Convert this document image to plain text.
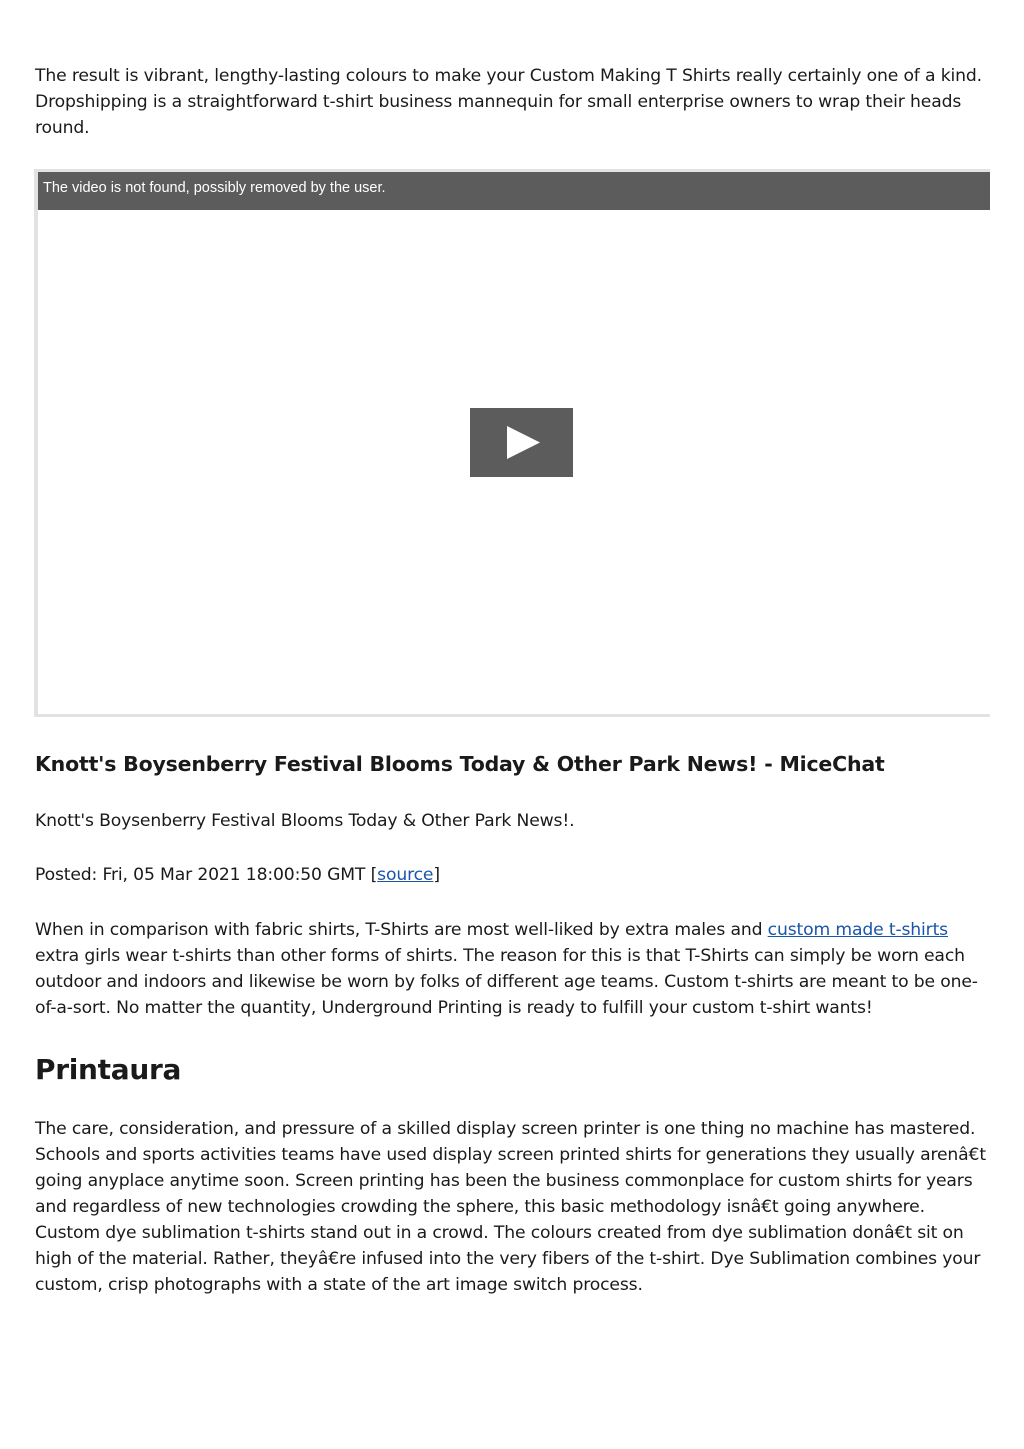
The result is vibrant, lengthy-lasting colours to make your Custom Making T Shirts really certainly one of a kind. Dropshipping is a straightforward t-shirt business mannequin for small enterprise owners to wrap their heads round.

The video is not found, possibly removed by the user.
Knott's Boysenberry Festival Blooms Today & Other Park News! - MiceChat

Knott's Boysenberry Festival Blooms Today & Other Park News!.

Posted: Fri, 05 Mar 2021 18:00:50 GMT [source]

When in comparison with fabric shirts, T-Shirts are most well-liked by extra males and custom made t-shirts extra girls wear t-shirts than other forms of shirts. The reason for this is that T-Shirts can simply be worn each outdoor and indoors and likewise be worn by folks of different age teams. Custom t-shirts are meant to be one-of-a-sort. No matter the quantity, Underground Printing is ready to fulfill your custom t-shirt wants!

Printaura

The care, consideration, and pressure of a skilled display screen printer is one thing no machine has mastered. Schools and sports activities teams have used display screen printed shirts for generations they usually arenâ€t going anyplace anytime soon. Screen printing has been the business commonplace for custom shirts for years and regardless of new technologies crowding the sphere, this basic methodology isnâ€t going anywhere. Custom dye sublimation t-shirts stand out in a crowd. The colours created from dye sublimation donâ€t sit on high of the material. Rather, theyâ€re infused into the very fibers of the t-shirt. Dye Sublimation combines your custom, crisp photographs with a state of the art image switch process.
